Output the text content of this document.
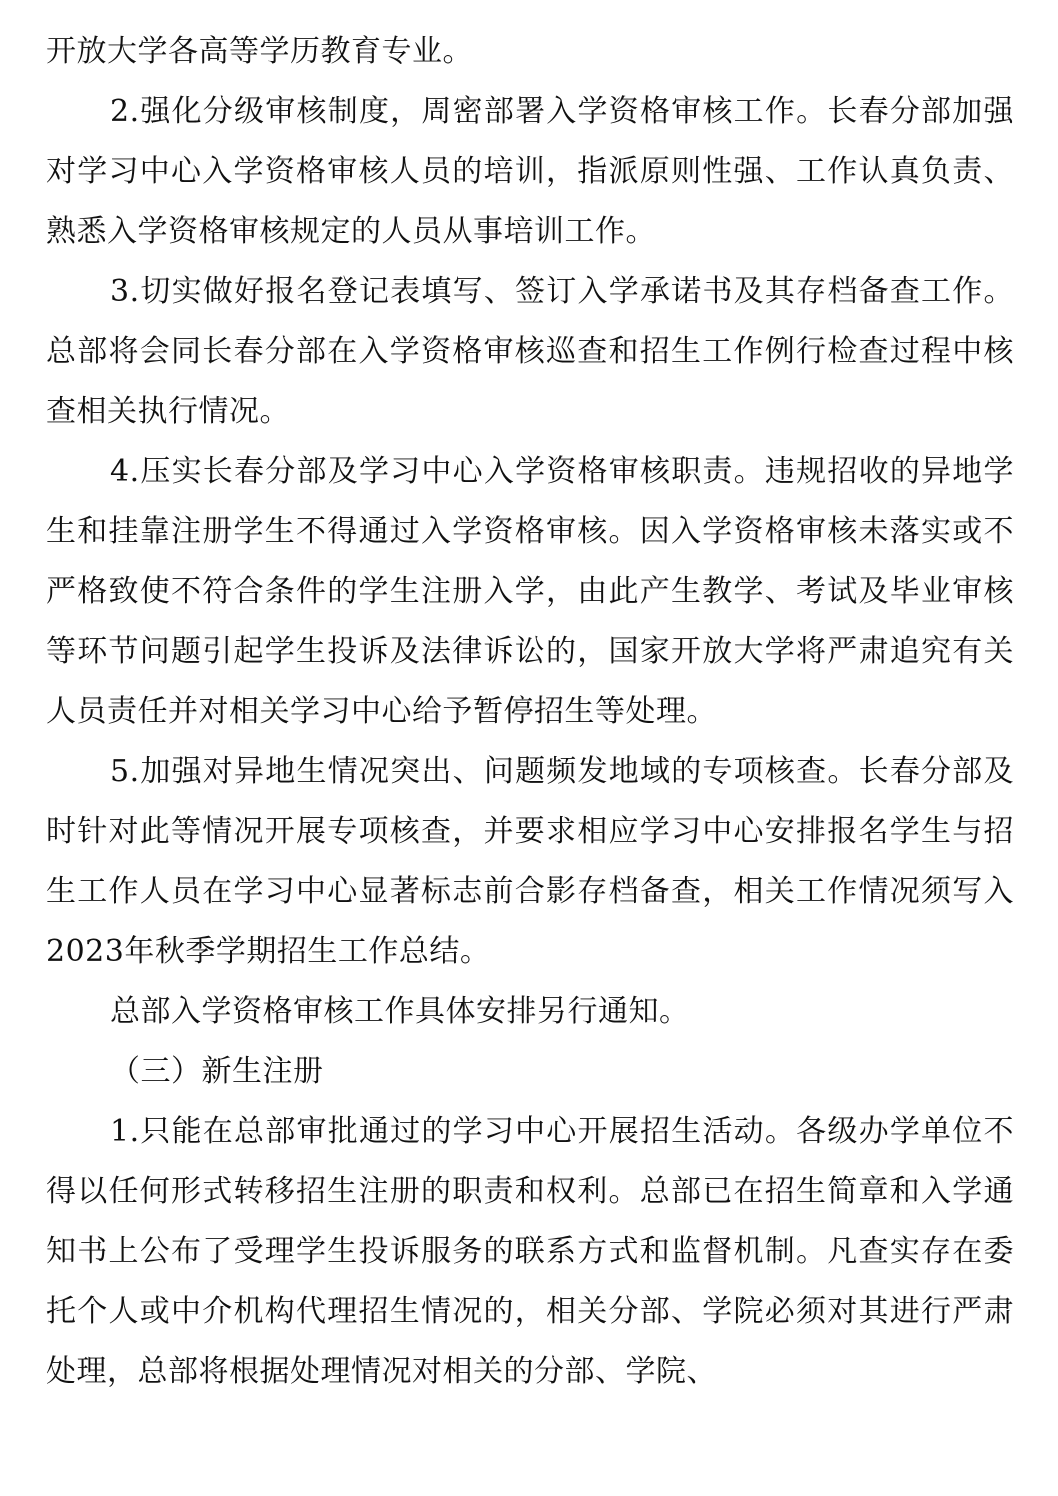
开放大学各高等学历教育专业。

2.强化分级审核制度，周密部署入学资格审核工作。长春分部加强对学习中心入学资格审核人员的培训，指派原则性强、工作认真负责、熟悉入学资格审核规定的人员从事培训工作。

3.切实做好报名登记表填写、签订入学承诺书及其存档备查工作。总部将会同长春分部在入学资格审核巡查和招生工作例行检查过程中核查相关执行情况。

4.压实长春分部及学习中心入学资格审核职责。违规招收的异地学生和挂靠注册学生不得通过入学资格审核。因入学资格审核未落实或不严格致使不符合条件的学生注册入学，由此产生教学、考试及毕业审核等环节问题引起学生投诉及法律诉讼的，国家开放大学将严肃追究有关人员责任并对相关学习中心给予暂停招生等处理。

5.加强对异地生情况突出、问题频发地域的专项核查。长春分部及时针对此等情况开展专项核查，并要求相应学习中心安排报名学生与招生工作人员在学习中心显著标志前合影存档备查，相关工作情况须写入2023年秋季学期招生工作总结。

总部入学资格审核工作具体安排另行通知。

（三）新生注册

1.只能在总部审批通过的学习中心开展招生活动。各级办学单位不得以任何形式转移招生注册的职责和权利。总部已在招生简章和入学通知书上公布了受理学生投诉服务的联系方式和监督机制。凡查实存在委托个人或中介机构代理招生情况的，相关分部、学院必须对其进行严肃处理，总部将根据处理情况对相关的分部、学院、
